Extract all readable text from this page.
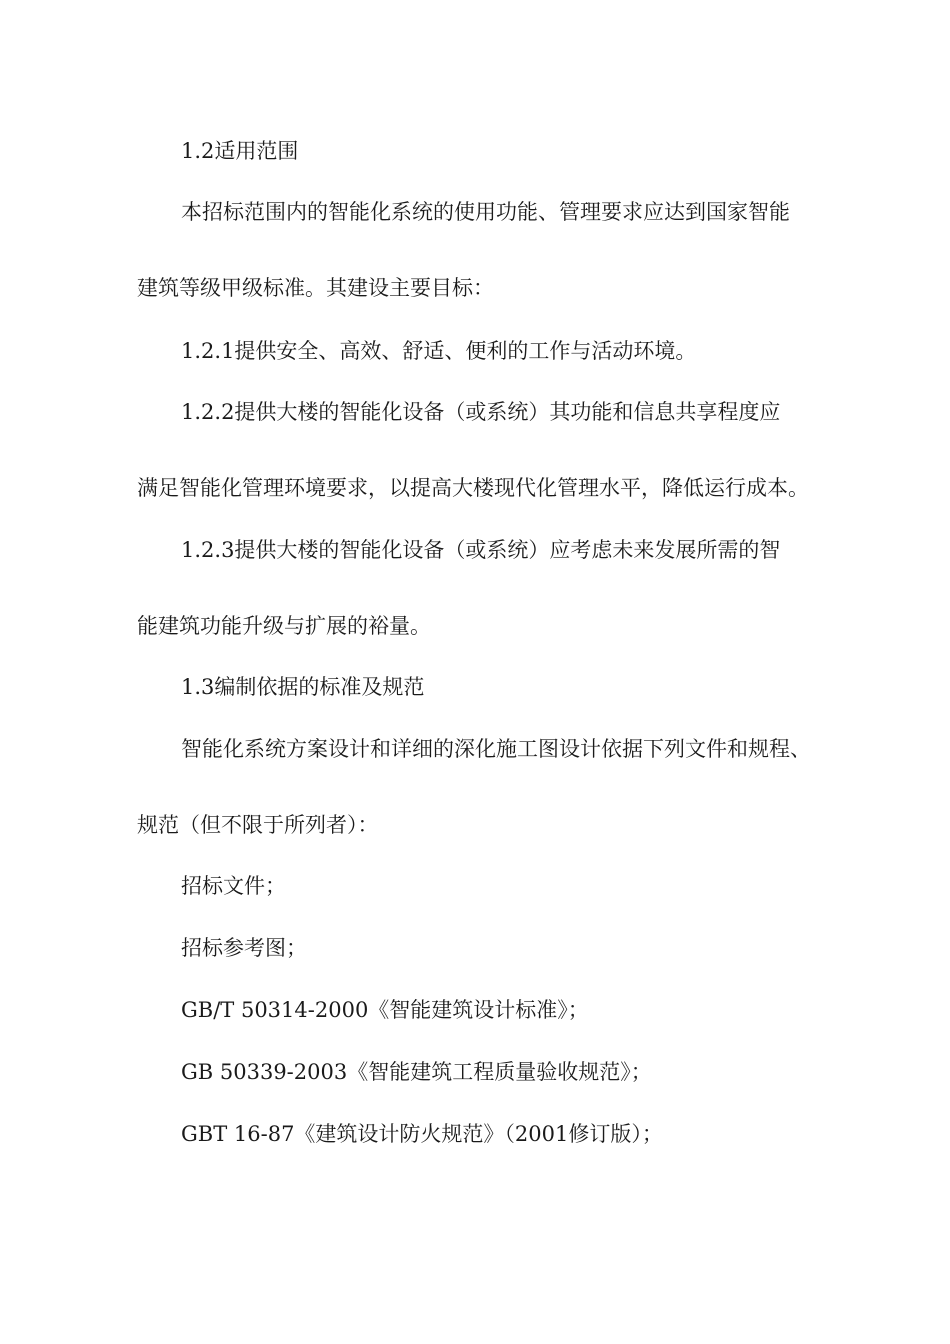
1.2适用范围

本招标范围内的智能化系统的使用功能、管理要求应达到国家智能

建筑等级甲级标准。其建设主要目标：

1.2.1提供安全、高效、舒适、便利的工作与活动环境。

1.2.2提供大楼的智能化设备（或系统）其功能和信息共享程度应

满足智能化管理环境要求，以提高大楼现代化管理水平，降低运行成本。

1.2.3提供大楼的智能化设备（或系统）应考虑未来发展所需的智

能建筑功能升级与扩展的裕量。

1.3编制依据的标准及规范

智能化系统方案设计和详细的深化施工图设计依据下列文件和规程、

规范（但不限于所列者）：

招标文件；

招标参考图；

GB/T 50314-2000《智能建筑设计标准》；

GB 50339-2003《智能建筑工程质量验收规范》；

GBT 16-87《建筑设计防火规范》（2001修订版）；
